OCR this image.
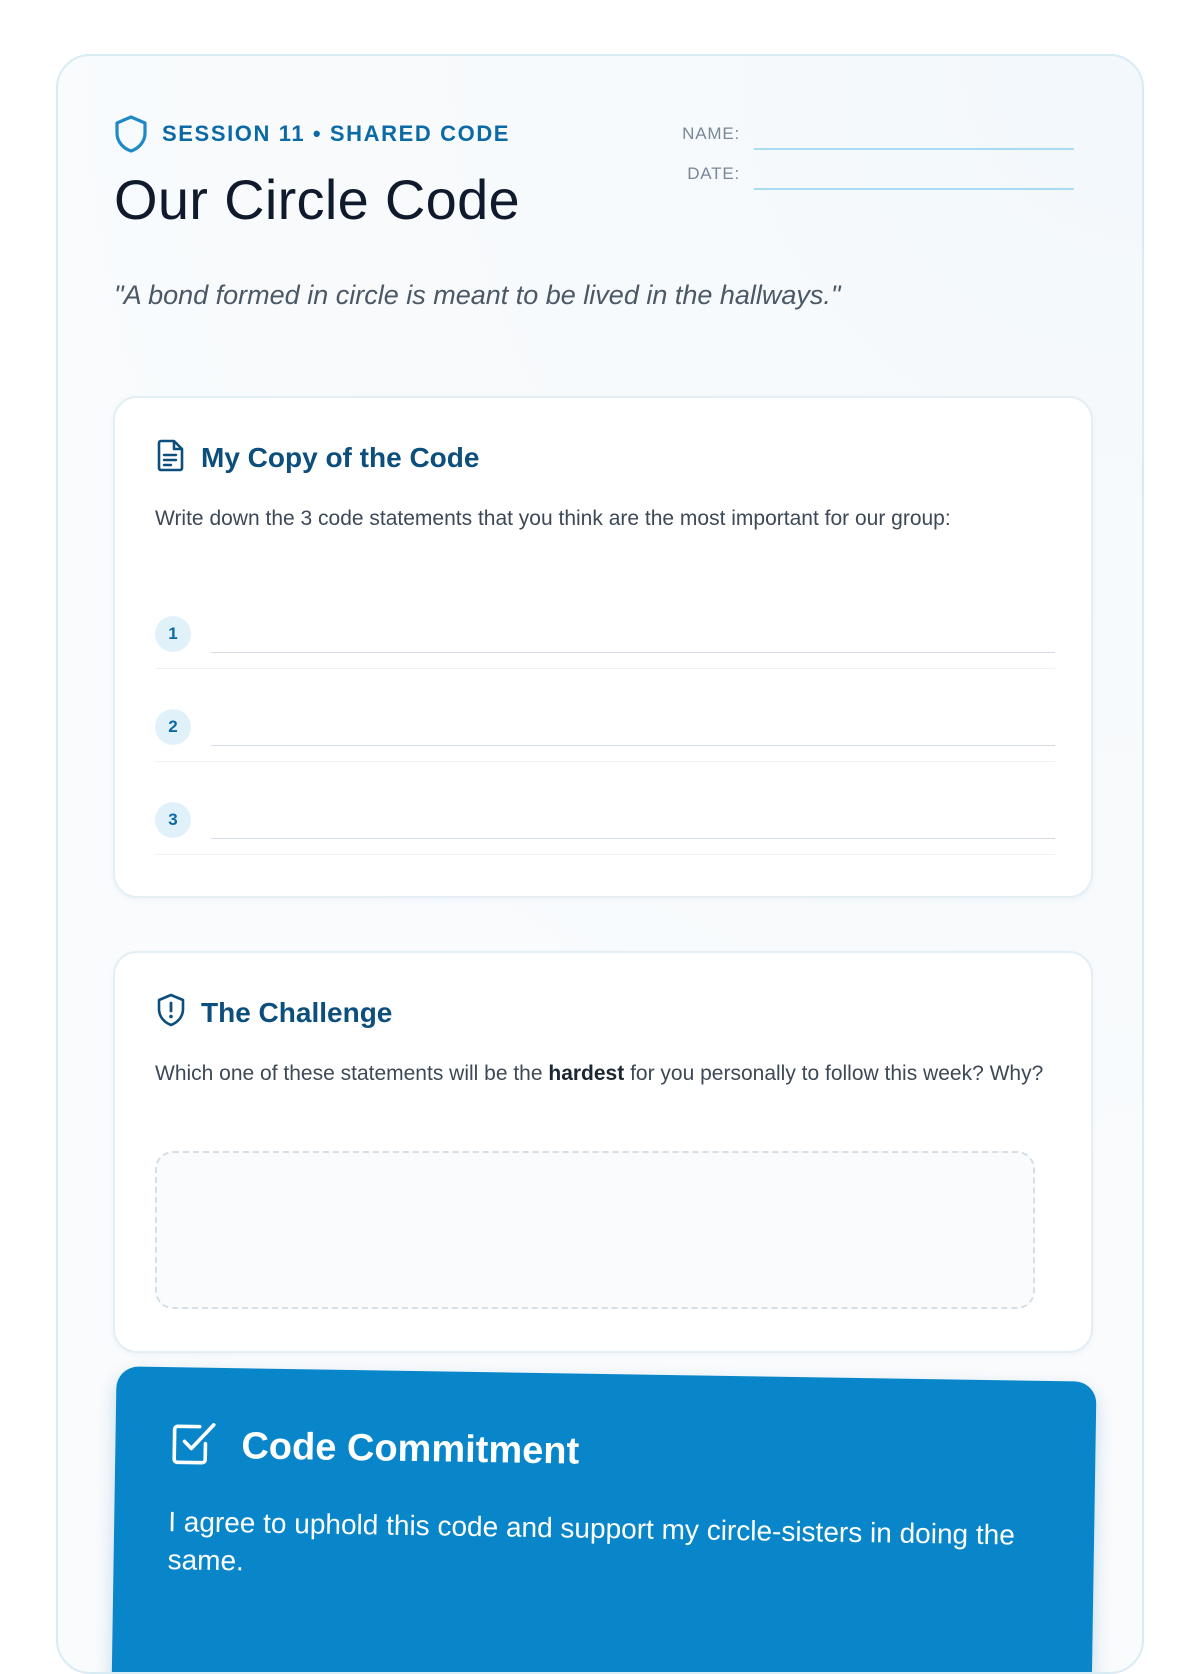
SESSION 11 • SHARED CODE
Our Circle Code
NAME:
DATE:
"A bond formed in circle is meant to be lived in the hallways."
My Copy of the Code
Write down the 3 code statements that you think are the most important for our group:
1
2
3
The Challenge
Which one of these statements will be the hardest for you personally to follow this week? Why?
Code Commitment
I agree to uphold this code and support my circle-sisters in doing the same.
